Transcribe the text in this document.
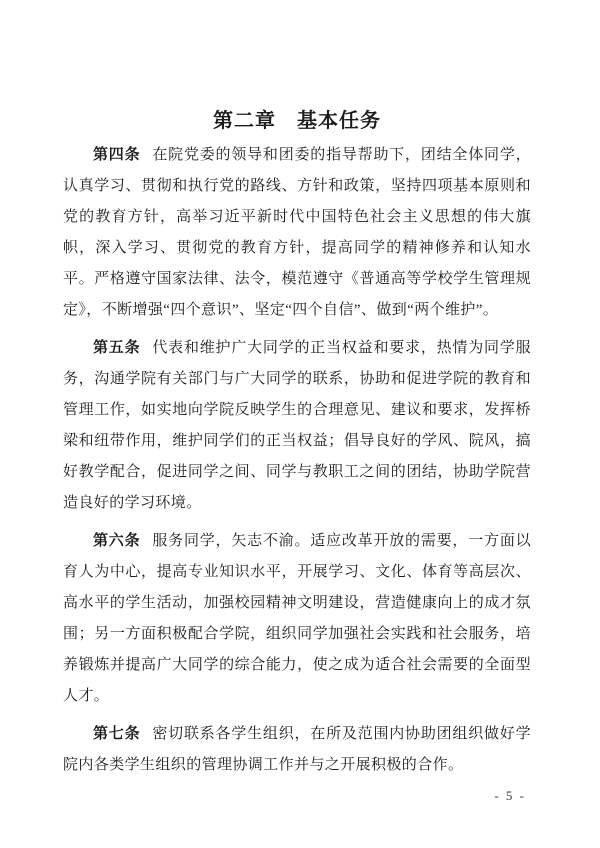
第二章　基本任务

第四条 在院党委的领导和团委的指导帮助下，团结全体同学，认真学习、贯彻和执行党的路线、方针和政策，坚持四项基本原则和党的教育方针，高举习近平新时代中国特色社会主义思想的伟大旗帜，深入学习、贯彻党的教育方针，提高同学的精神修养和认知水平。严格遵守国家法律、法令，模范遵守《普通高等学校学生管理规定》，不断增强“四个意识”、坚定“四个自信”、做到“两个维护”。

第五条 代表和维护广大同学的正当权益和要求，热情为同学服务，沟通学院有关部门与广大同学的联系，协助和促进学院的教育和管理工作，如实地向学院反映学生的合理意见、建议和要求，发挥桥梁和纽带作用，维护同学们的正当权益；倡导良好的学风、院风，搞好教学配合，促进同学之间、同学与教职工之间的团结，协助学院营造良好的学习环境。

第六条 服务同学，矢志不渝。适应改革开放的需要，一方面以育人为中心，提高专业知识水平，开展学习、文化、体育等高层次、高水平的学生活动，加强校园精神文明建设，营造健康向上的成才氛围；另一方面积极配合学院，组织同学加强社会实践和社会服务，培养锻炼并提高广大同学的综合能力，使之成为适合社会需要的全面型人才。

第七条 密切联系各学生组织，在所及范围内协助团组织做好学院内各类学生组织的管理协调工作并与之开展积极的合作。

- 5 -
